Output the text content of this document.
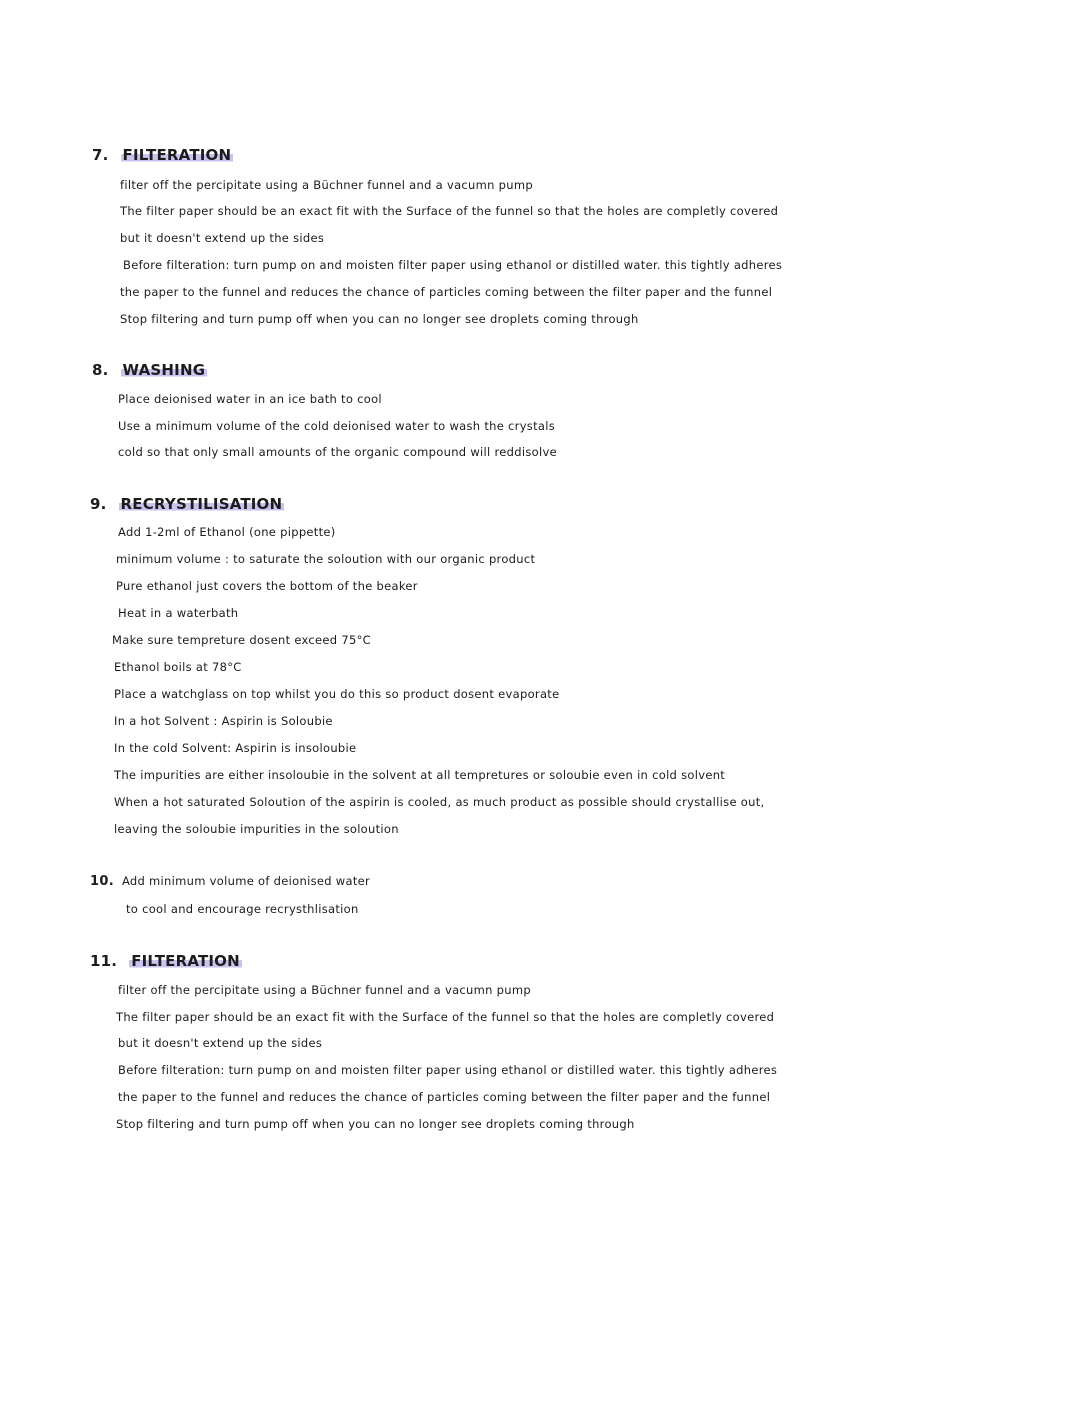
7. FILTERATION
filter off the percipitate using a Büchner funnel and a vacumn pump
The filter paper should be an exact fit with the Surface of the funnel so that the holes are completly covered
but it doesn't extend up the sides
Before filteration: turn pump on and moisten filter paper using ethanol or distilled water. this tightly adheres
the paper to the funnel and reduces the chance of particles coming between the filter paper and the funnel
Stop filtering and turn pump off when you can no longer see droplets coming through
8. WASHING
Place deionised water in an ice bath to cool
Use a minimum volume of the cold deionised water to wash the crystals
cold so that only small amounts of the organic compound will reddisolve
9. RECRYSTILISATION
Add 1-2ml of Ethanol (one pippette)
minimum volume : to saturate the soloution with our organic product
Pure ethanol just covers the bottom of the beaker
Heat in a waterbath
Make sure tempreture dosent exceed 75°C
Ethanol boils at 78°C
Place a watchglass on top whilst you do this so product dosent evaporate
In a hot Solvent : Aspirin is Soloubie
In the cold Solvent: Aspirin is insoloubie
The impurities are either insoloubie in the solvent at all tempretures or soloubie even in cold solvent
When a hot saturated Soloution of the aspirin is cooled, as much product as possible should crystallise out,
leaving the soloubie impurities in the soloution
10. Add minimum volume of deionised water
to cool and encourage recrysthlisation
11. FILTERATION
filter off the percipitate using a Büchner funnel and a vacumn pump
The filter paper should be an exact fit with the Surface of the funnel so that the holes are completly covered
but it doesn't extend up the sides
Before filteration: turn pump on and moisten filter paper using ethanol or distilled water. this tightly adheres
the paper to the funnel and reduces the chance of particles coming between the filter paper and the funnel
Stop filtering and turn pump off when you can no longer see droplets coming through
